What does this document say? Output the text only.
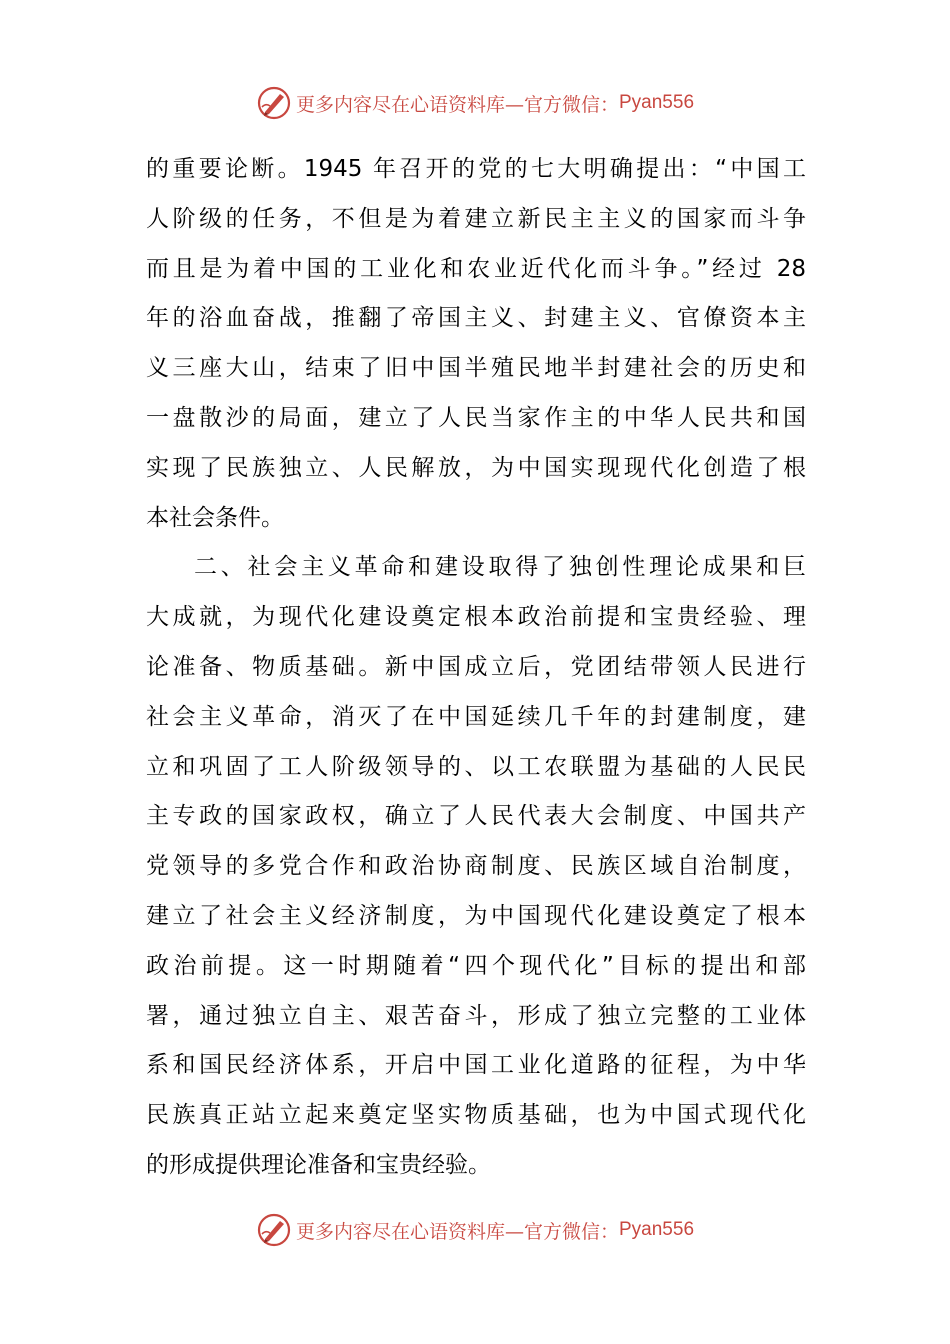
更多内容尽在心语资料库—官方微信： Pyan556
的重要论断。1945 年召开的党的七大明确提出：“中国工
人阶级的任务，不但是为着建立新民主主义的国家而斗争
而且是为着中国的工业化和农业近代化而斗争。”经过 28
年的浴血奋战，推翻了帝国主义、封建主义、官僚资本主
义三座大山，结束了旧中国半殖民地半封建社会的历史和
一盘散沙的局面，建立了人民当家作主的中华人民共和国
实现了民族独立、人民解放，为中国实现现代化创造了根
本社会条件。
二、社会主义革命和建设取得了独创性理论成果和巨
大成就，为现代化建设奠定根本政治前提和宝贵经验、理
论准备、物质基础。新中国成立后，党团结带领人民进行
社会主义革命，消灭了在中国延续几千年的封建制度，建
立和巩固了工人阶级领导的、以工农联盟为基础的人民民
主专政的国家政权，确立了人民代表大会制度、中国共产
党领导的多党合作和政治协商制度、民族区域自治制度，
建立了社会主义经济制度，为中国现代化建设奠定了根本
政治前提。这一时期随着“四个现代化”目标的提出和部
署，通过独立自主、艰苦奋斗，形成了独立完整的工业体
系和国民经济体系，开启中国工业化道路的征程，为中华
民族真正站立起来奠定坚实物质基础，也为中国式现代化
的形成提供理论准备和宝贵经验。
更多内容尽在心语资料库—官方微信： Pyan556
